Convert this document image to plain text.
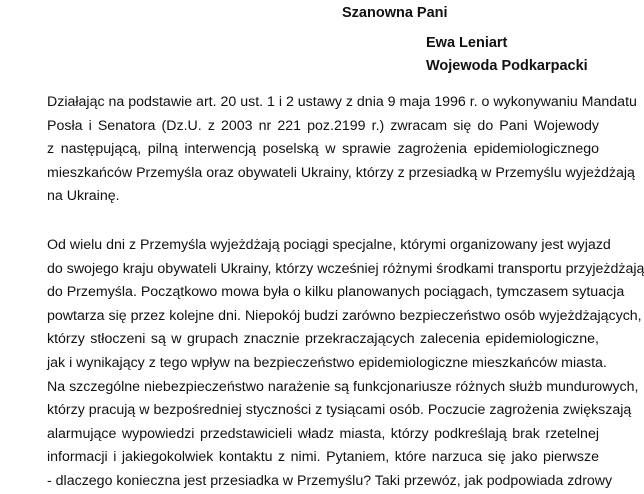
Szanowna Pani
Ewa Leniart
Wojewoda Podkarpacki
Działając na podstawie art. 20 ust. 1 i 2 ustawy z dnia 9 maja 1996 r. o wykonywaniu Mandatu
Posła i Senatora (Dz.U. z 2003 nr 221 poz.2199 r.) zwracam się do Pani Wojewody
z następującą, pilną interwencją poselską w sprawie zagrożenia epidemiologicznego
mieszkańców Przemyśla oraz obywateli Ukrainy, którzy z przesiadką w Przemyślu wyjeżdżają
na Ukrainę.
Od wielu dni z Przemyśla wyjeżdżają pociągi specjalne, którymi organizowany jest wyjazd
do swojego kraju obywateli Ukrainy, którzy wcześniej różnymi środkami transportu przyjeżdżają
do Przemyśla. Początkowo mowa była o kilku planowanych pociągach, tymczasem sytuacja
powtarza się przez kolejne dni. Niepokój budzi zarówno bezpieczeństwo osób wyjeżdżających,
którzy stłoczeni są w grupach znacznie przekraczających zalecenia epidemiologiczne,
jak i wynikający z tego wpływ na bezpieczeństwo epidemiologiczne mieszkańców miasta.
Na szczególne niebezpieczeństwo narażenie są funkcjonariusze różnych służb mundurowych,
którzy pracują w bezpośredniej styczności z tysiącami osób. Poczucie zagrożenia zwiększają
alarmujące wypowiedzi przedstawicieli władz miasta, którzy podkreślają brak rzetelnej
informacji i jakiegokolwiek kontaktu z nimi. Pytaniem, które narzuca się jako pierwsze
- dlaczego konieczna jest przesiadka w Przemyślu? Taki przewóz, jak podpowiada zdrowy
